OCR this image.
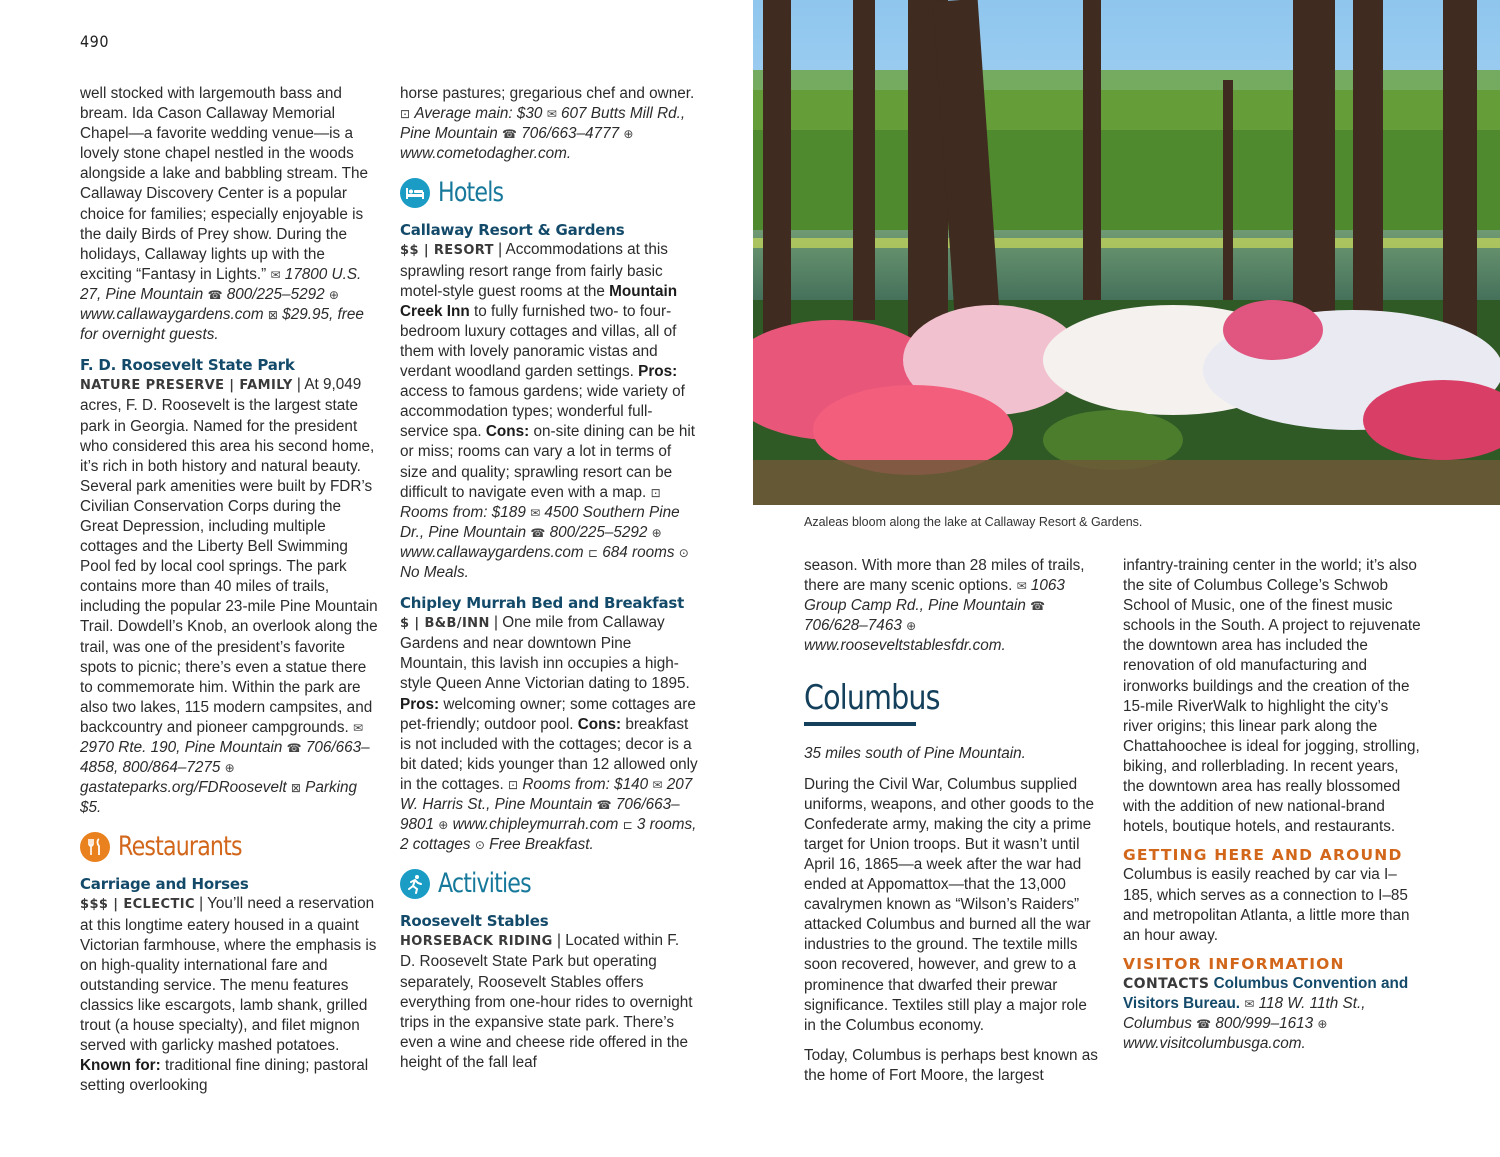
490

well stocked with largemouth bass and bream. Ida Cason Callaway Memorial Chapel—a favorite wedding venue—is a lovely stone chapel nestled in the woods alongside a lake and babbling stream. The Callaway Discovery Center is a popular choice for families; especially enjoyable is the daily Birds of Prey show. During the holidays, Callaway lights up with the exciting “Fantasy in Lights.” ✉ 17800 U.S. 27, Pine Mountain ☎ 800/225–5292 ⊕ www.callawaygardens.com ⊠ $29.95, free for overnight guests.

F. D. Roosevelt State Park

NATURE PRESERVE | FAMILY | At 9,049 acres, F. D. Roosevelt is the largest state park in Georgia. Named for the president who considered this area his second home, it’s rich in both history and natural beauty. Several park amenities were built by FDR’s Civilian Conservation Corps during the Great Depression, including multiple cottages and the Liberty Bell Swimming Pool fed by local cool springs. The park contains more than 40 miles of trails, including the popular 23-mile Pine Mountain Trail. Dowdell’s Knob, an overlook along the trail, was one of the president’s favorite spots to picnic; there’s even a statue there to commemorate him. Within the park are also two lakes, 115 modern campsites, and backcountry and pioneer campgrounds. ✉ 2970 Rte. 190, Pine Mountain ☎ 706/663–4858, 800/864–7275 ⊕ gastateparks.org/FDRoosevelt ⊠ Parking $5.

Restaurants
Carriage and Horses

$$$ | ECLECTIC | You’ll need a reservation at this longtime eatery housed in a quaint Victorian farmhouse, where the emphasis is on high-quality international fare and outstanding service. The menu features classics like escargots, lamb shank, grilled trout (a house specialty), and filet mignon served with garlicky mashed potatoes. Known for: traditional fine dining; pastoral setting overlooking

horse pastures; gregarious chef and owner. ⊡ Average main: $30 ✉ 607 Butts Mill Rd., Pine Mountain ☎ 706/663–4777 ⊕ www.cometodagher.com.

Hotels
Callaway Resort & Gardens

$$ | RESORT | Accommodations at this sprawling resort range from fairly basic motel-style guest rooms at the Mountain Creek Inn to fully furnished two- to four-bedroom luxury cottages and villas, all of them with lovely panoramic vistas and verdant woodland garden settings. Pros: access to famous gardens; wide variety of accommodation types; wonderful full-service spa. Cons: on-site dining can be hit or miss; rooms can vary a lot in terms of size and quality; sprawling resort can be difficult to navigate even with a map. ⊡ Rooms from: $189 ✉ 4500 Southern Pine Dr., Pine Mountain ☎ 800/225–5292 ⊕ www.callawaygardens.com ⊏ 684 rooms ⊙ No Meals.

Chipley Murrah Bed and Breakfast

$ | B&B/INN | One mile from Callaway Gardens and near downtown Pine Mountain, this lavish inn occupies a high-style Queen Anne Victorian dating to 1895. Pros: welcoming owner; some cottages are pet-friendly; outdoor pool. Cons: breakfast is not included with the cottages; decor is a bit dated; kids younger than 12 allowed only in the cottages. ⊡ Rooms from: $140 ✉ 207 W. Harris St., Pine Mountain ☎ 706/663–9801 ⊕ www.chipleymurrah.com ⊏ 3 rooms, 2 cottages ⊙ Free Breakfast.

Activities
Roosevelt Stables

HORSEBACK RIDING | Located within F. D. Roosevelt State Park but operating separately, Roosevelt Stables offers everything from one-hour rides to overnight trips in the expansive state park. There’s even a wine and cheese ride offered in the height of the fall leaf

Azaleas bloom along the lake at Callaway Resort & Gardens.

season. With more than 28 miles of trails, there are many scenic options. ✉ 1063 Group Camp Rd., Pine Mountain ☎ 706/628–7463 ⊕ www.rooseveltstablesfdr.com.

Columbus

35 miles south of Pine Mountain.

During the Civil War, Columbus supplied uniforms, weapons, and other goods to the Confederate army, making the city a prime target for Union troops. But it wasn’t until April 16, 1865—a week after the war had ended at Appomattox—that the 13,000 cavalrymen known as “Wilson’s Raiders” attacked Columbus and burned all the war industries to the ground. The textile mills soon recovered, however, and grew to a prominence that dwarfed their prewar significance. Textiles still play a major role in the Columbus economy.

Today, Columbus is perhaps best known as the home of Fort Moore, the largest

infantry-training center in the world; it’s also the site of Columbus College’s Schwob School of Music, one of the finest music schools in the South. A project to rejuvenate the downtown area has included the renovation of old manufacturing and ironworks buildings and the creation of the 15-mile RiverWalk to highlight the city’s river origins; this linear park along the Chattahoochee is ideal for jogging, strolling, biking, and rollerblading. In recent years, the downtown area has really blossomed with the addition of new national-brand hotels, boutique hotels, and restaurants.

GETTING HERE AND AROUND

Columbus is easily reached by car via I–185, which serves as a connection to I–85 and metropolitan Atlanta, a little more than an hour away.

VISITOR INFORMATION

CONTACTS Columbus Convention and Visitors Bureau. ✉ 118 W. 11th St., Columbus ☎ 800/999–1613 ⊕ www.visitcolumbusga.com.
